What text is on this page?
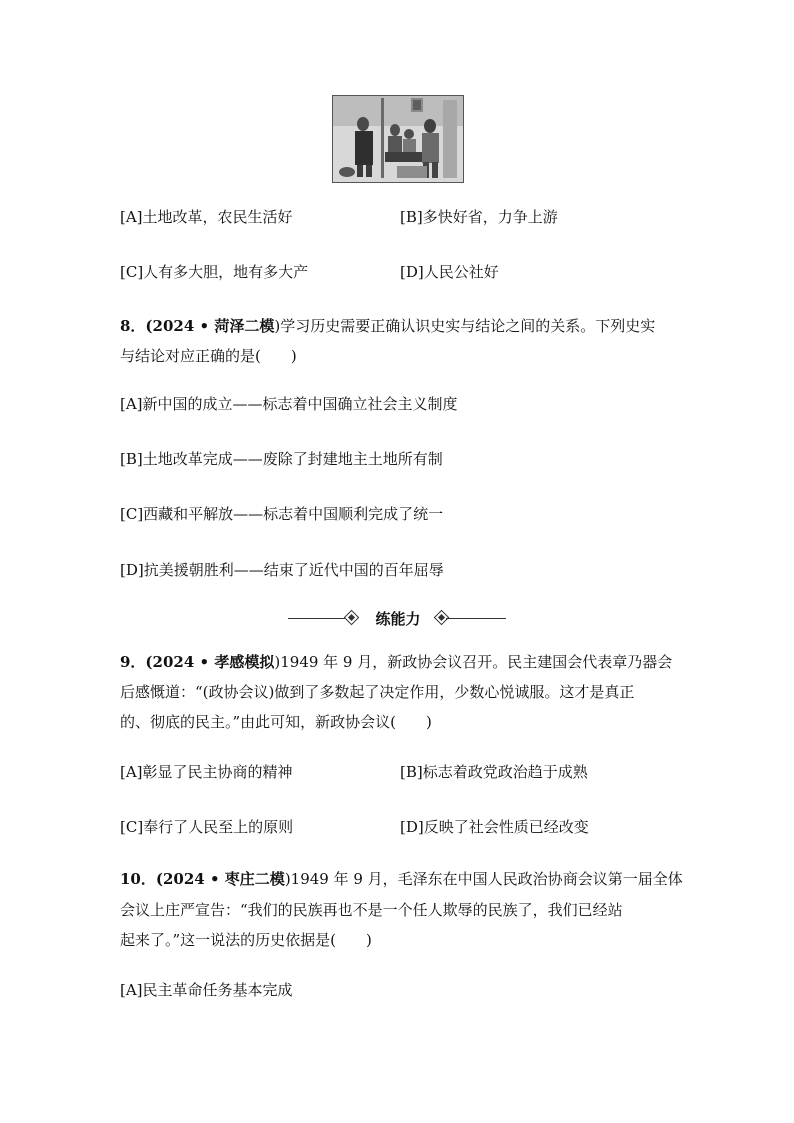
[A]土地改革，农民生活好	[B]多快好省，力争上游
[C]人有多大胆，地有多大产	[D]人民公社好
8．(2024 • 菏泽二模)学习历史需要正确认识史实与结论之间的关系。下列史实
与结论对应正确的是(　　)
[A]新中国的成立——标志着中国确立社会主义制度
[B]土地改革完成——废除了封建地主土地所有制
[C]西藏和平解放——标志着中国顺利完成了统一
[D]抗美援朝胜利——结束了近代中国的百年屈辱
练能力
9．(2024 • 孝感模拟)1949 年 9 月，新政协会议召开。民主建国会代表章乃器会
后感慨道：“(政协会议)做到了多数起了决定作用，少数心悦诚服。这才是真正
的、彻底的民主。”由此可知，新政协会议(　　)
[A]彰显了民主协商的精神	[B]标志着政党政治趋于成熟
[C]奉行了人民至上的原则	[D]反映了社会性质已经改变
10．(2024 • 枣庄二模)1949 年 9 月，毛泽东在中国人民政治协商会议第一届全体
会议上庄严宣告：“我们的民族再也不是一个任人欺辱的民族了，我们已经站
起来了。”这一说法的历史依据是(　　)
[A]民主革命任务基本完成
